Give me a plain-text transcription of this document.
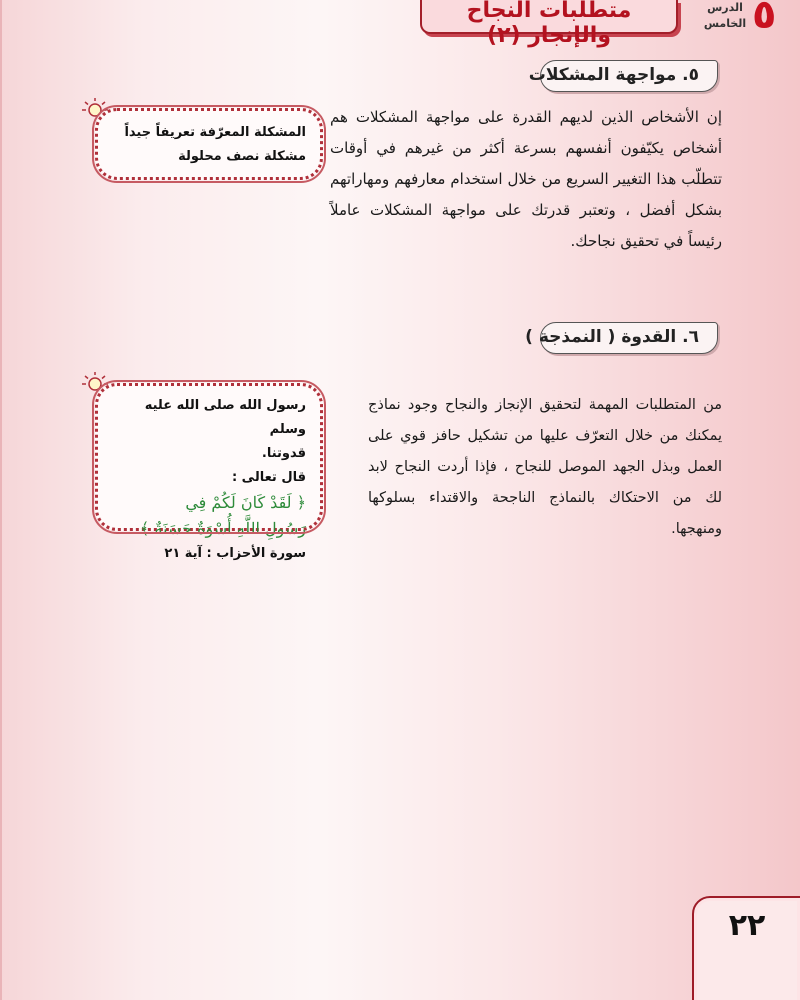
متطلبات النجاح والإنجاز (٢)
الدرس
الخامس ٥
٥. مواجهة المشكلات
إن الأشخاص الذين لديهم القدرة على مواجهة المشكلات هم أشخاص يكيّفون أنفسهم بسرعة أكثر من غيرهم في أوقات تتطلّب هذا التغيير السريع من خلال استخدام معارفهم ومهاراتهم بشكل أفضل ، وتعتبر قدرتك على مواجهة المشكلات عاملاً رئيساً في تحقيق نجاحك.
المشكلة المعرّفة تعريفاً جيداً
مشكلة نصف محلولة
٦. القدوة ( النمذجة )
من المتطلبات المهمة لتحقيق الإنجاز والنجاح وجود نماذج يمكنك من خلال التعرّف عليها من تشكيل حافز قوي على العمل وبذل الجهد الموصل للنجاح ، فإذا أردت النجاح لابد لك من الاحتكاك بالنماذج الناجحة والاقتداء بسلوكها ومنهجها.
رسول الله صلى الله عليه وسلم
قدوتنا.
قال تعالى :
﴿ لَقَدْ كَانَ لَكُمْ فِي
رَسُولِ اللَّهِ أُسْوَةٌ حَسَنَةٌ ﴾
سورة الأحزاب : آية ٢١
٢٢
